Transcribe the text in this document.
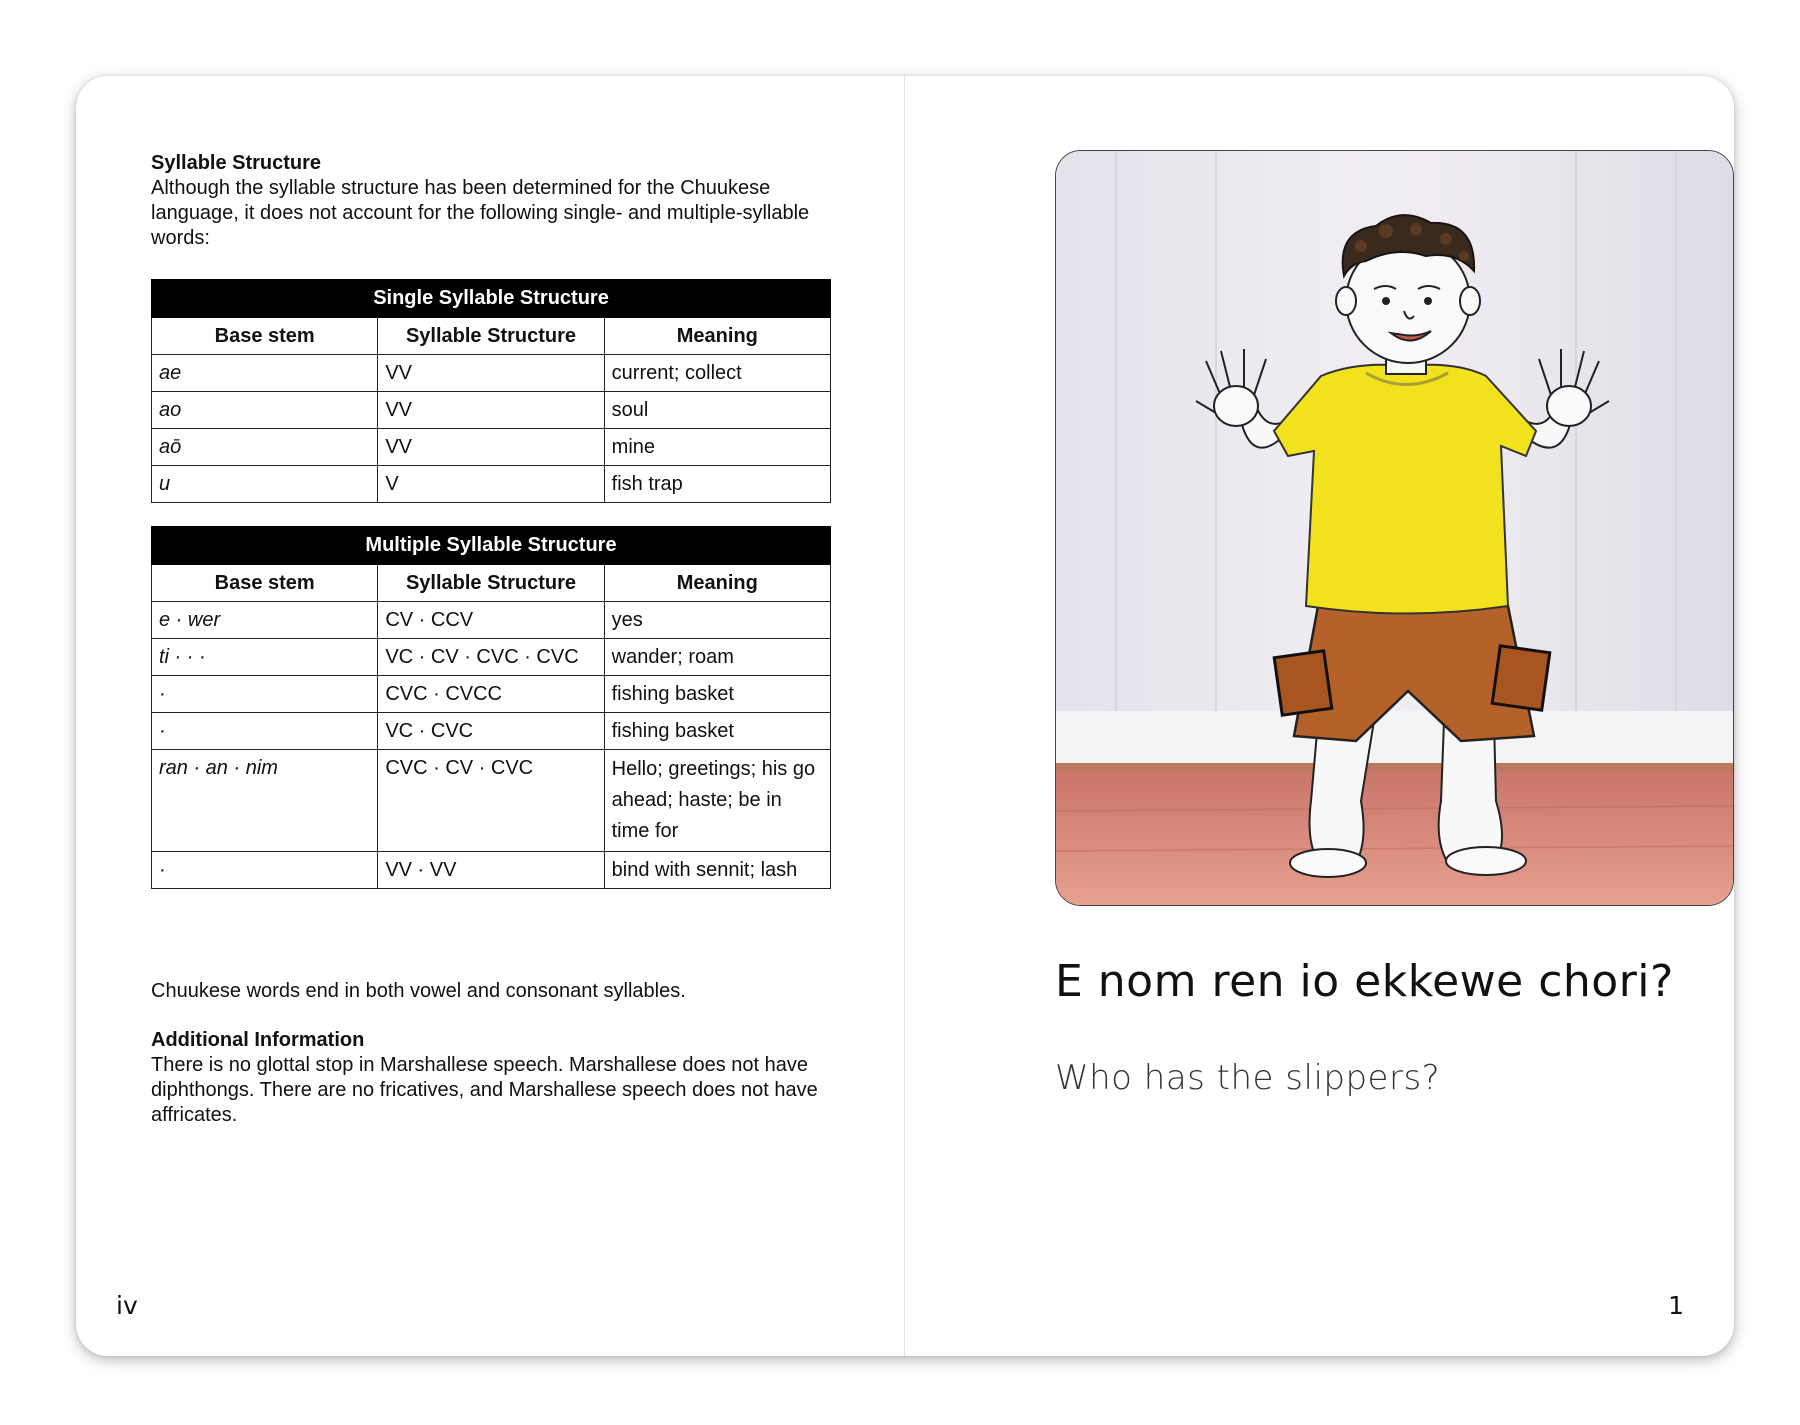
Syllable Structure

Although the syllable structure has been determined for the Chuukese language, it does not account for the following single- and multiple-syllable words:

Single Syllable Structure		
Base stem	Syllable Structure	Meaning
ae	VV	current; collect
ao	VV	soul
aō	VV	mine
u	V	fish trap
Multiple Syllable Structure		
Base stem	Syllable Structure	Meaning
e · wer	CV · CCV	yes
ti · · ·	VC · CV · CVC · CVC	wander; roam
·	CVC · CVCC	fishing basket
·	VC · CVC	fishing basket
ran · an · nim	CVC · CV · CVC	Hello; greetings; his go ahead; haste; be in time for
·	VV · VV	bind with sennit; lash

Chuukese words end in both vowel and consonant syllables.

Additional Information

There is no glottal stop in Marshallese speech. Marshallese does not have diphthongs. There are no fricatives, and Marshallese speech does not have affricates.

iv

E nom ren io ekkewe chori?

Who has the slippers?

1
